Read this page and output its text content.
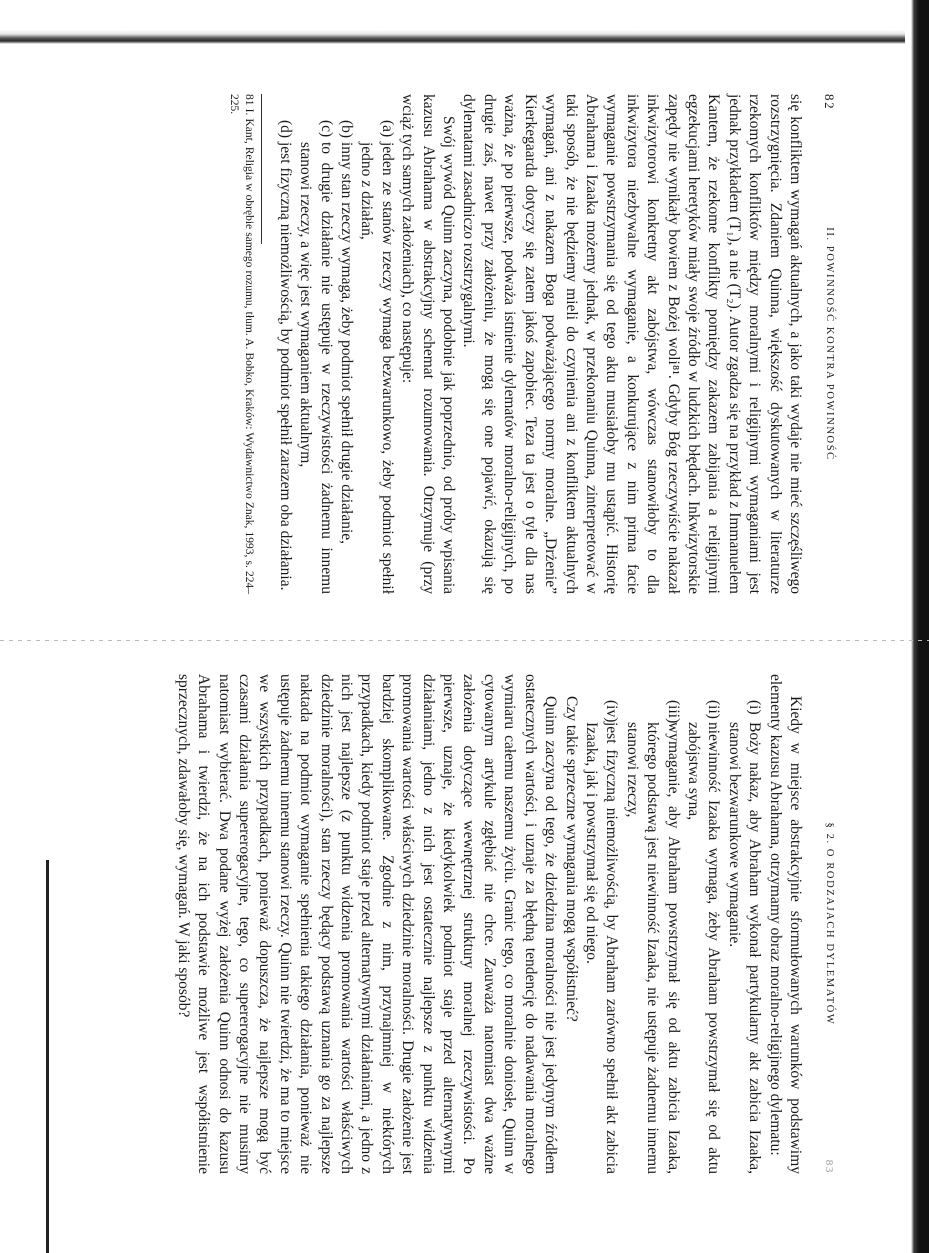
82
II. POWINNOŚĆ KONTRA POWINNOŚĆ

się konfliktem wymagań aktualnych, a jako taki wydaje nie mieć szczęśliwego rozstrzygnięcia. Zdaniem Quinna, większość dyskutowanych w literaturze rzekomych konfliktów między moralnymi i religijnymi wymaganiami jest jednak przykładem (T₁), a nie (T₂). Autor zgadza się na przykład z Immanuelem Kantem, że rzekome konflikty pomiędzy zakazem zabijania a religijnymi egzekucjami heretyków miały swoje źródło w ludzkich błędach. Inkwizytorskie zapędy nie wynikały bowiem z Bożej woli⁸¹. Gdyby Bóg rzeczywiście nakazał inkwizytorowi konkretny akt zabójstwa, wówczas stanowiłoby to dla inkwizytora niezbywalne wymaganie, a konkurujące z nim prima facie wymaganie powstrzymania się od tego aktu musiałoby mu ustąpić. Historię Abrahama i Izaaka możemy jednak, w przekonaniu Quinna, zinterpretować w taki sposób, że nie będziemy mieli do czynienia ani z konfliktem aktualnych wymagań, ani z nakazem Boga podważającego normy moralne. „Drżenie” Kierkegaarda dotyczy się zatem jakoś zapobiec. Teza ta jest o tyle dla nas ważna, że po pierwsze, podważa istnienie dylematów moralno-religijnych, po drugie zaś, nawet przy założeniu, że mogą się one pojawić, okazują się dylematami zasadniczo rozstrzygalnymi.

Swój wywód Quinn zaczyna, podobnie jak poprzednio, od próby wpisania kazusu Abrahama w abstrakcyjny schemat rozumowania. Otrzymuje (przy wciąż tych samych założeniach), co następuje:

(a)
jeden ze stanów rzeczy wymaga bezwarunkowo, żeby podmiot spełnił jedno z działań,
(b)
inny stan rzeczy wymaga, żeby podmiot spełnił drugie działanie,
(c)
to drugie działanie nie ustępuje w rzeczywistości żadnemu innemu stanowi rzeczy, a więc jest wymaganiem aktualnym,
(d)
jest fizyczną niemożliwością, by podmiot spełnił zarazem oba działania.

81 I. Kant, Religia w obrębie samego rozumu, tłum. A. Bobko, Kraków: Wydawnictwo Znak, 1993, s. 224–225.

§ 2. O RODZAJACH DYLEMATÓW
83

Kiedy w miejsce abstrakcyjnie sformułowanych warunków podstawimy elementy kazusu Abrahama, otrzymamy obraz moralno-religijnego dylematu:

(i)
Boży nakaz, aby Abraham wykonał partykularny akt zabicia Izaaka, stanowi bezwarunkowe wymaganie.
(ii)
niewinność Izaaka wymaga, żeby Abraham powstrzymał się od aktu zabójstwa syna,
(iii)
wymaganie, aby Abraham powstrzymał się od aktu zabicia Izaaka, którego podstawą jest niewinność Izaaka, nie ustępuje żadnemu innemu stanowi rzeczy,
(iv)
jest fizyczną niemożliwością, by Abraham zarówno spełnił akt zabicia Izaaka, jak i powstrzymał się od niego.

Czy takie sprzeczne wymagania mogą współistnieć?

Quinn zaczyna od tego, że dziedzina moralności nie jest jedynym źródłem ostatecznych wartości, i uznaje za błędną tendencję do nadawania moralnego wymiaru całemu naszemu życiu. Granic tego, co moralnie doniosłe, Quinn w cytowanym artykule zgłębiać nie chce. Zauważa natomiast dwa ważne założenia dotyczące wewnętrznej struktury moralnej rzeczywistości. Po pierwsze, uznaje, że kiedykolwiek podmiot staje przed alternatywnymi działaniami, jedno z nich jest ostatecznie najlepsze z punktu widzenia promowania wartości właściwych dziedzinie moralności. Drugie założenie jest bardziej skomplikowane. Zgodnie z nim, przynajmniej w niektórych przypadkach, kiedy podmiot staje przed alternatywnymi działaniami, a jedno z nich jest najlepsze (z punktu widzenia promowania wartości właściwych dziedzinie moralności), stan rzeczy będący podstawą uznania go za najlepsze naktada na podmiot wymaganie spełnienia takiego działania, ponieważ nie ustępuje żadnemu innemu stanowi rzeczy. Quinn nie twierdzi, że ma to miejsce we wszystkich przypadkach, ponieważ dopuszcza, że najlepsze mogą być czasami działania supererogacyjne, tego, co supererogacyjne nie musimy natomiast wybierać. Dwa podane wyżej założenia Quinn odnosi do kazusu Abrahama i twierdzi, że na ich podstawie możliwe jest współistnienie sprzecznych, zdawałoby się, wymagań. W jaki sposób?
